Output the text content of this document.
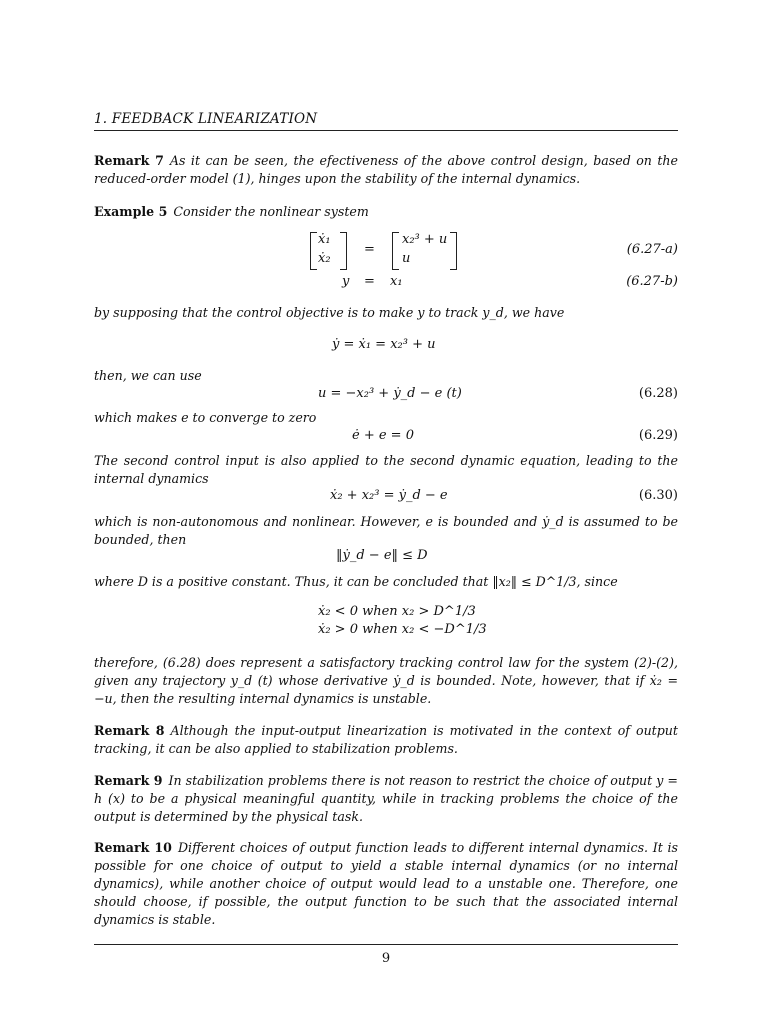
1. FEEDBACK LINEARIZATION
Remark 7 As it can be seen, the efectiveness of the above control design, based on the reduced-order model (1), hinges upon the stability of the internal dynamics.
Example 5 Consider the nonlinear system
ẋ₁
ẋ₂
=
x₂³ + u
u
(6.27-a)
y = x₁	(6.27-b)
by supposing that the control objective is to make y to track y_d, we have
ẏ = ẋ₁ = x₂³ + u
then, we can use
u = −x₂³ + ẏ_d − e (t)	(6.28)
which makes e to converge to zero
ė + e = 0	(6.29)
The second control input is also applied to the second dynamic equation, leading to the internal dynamics
ẋ₂ + x₂³ = ẏ_d − e	(6.30)
which is non-autonomous and nonlinear. However, e is bounded and ẏ_d is assumed to be bounded, then
‖ẏ_d − e‖ ≤ D
where D is a positive constant. Thus, it can be concluded that ‖x₂‖ ≤ D^1/3, since
ẋ₂ < 0 when x₂ > D^1/3
ẋ₂ > 0 when x₂ < −D^1/3
therefore, (6.28) does represent a satisfactory tracking control law for the system (2)-(2), given any trajectory y_d (t) whose derivative ẏ_d is bounded. Note, however, that if ẋ₂ = −u, then the resulting internal dynamics is unstable.
Remark 8 Although the input-output linearization is motivated in the context of output tracking, it can be also applied to stabilization problems.
Remark 9 In stabilization problems there is not reason to restrict the choice of output y = h (x) to be a physical meaningful quantity, while in tracking problems the choice of the output is determined by the physical task.
Remark 10 Different choices of output function leads to different internal dynamics. It is possible for one choice of output to yield a stable internal dynamics (or no internal dynamics), while another choice of output would lead to a unstable one. Therefore, one should choose, if possible, the output function to be such that the associated internal dynamics is stable.
9
